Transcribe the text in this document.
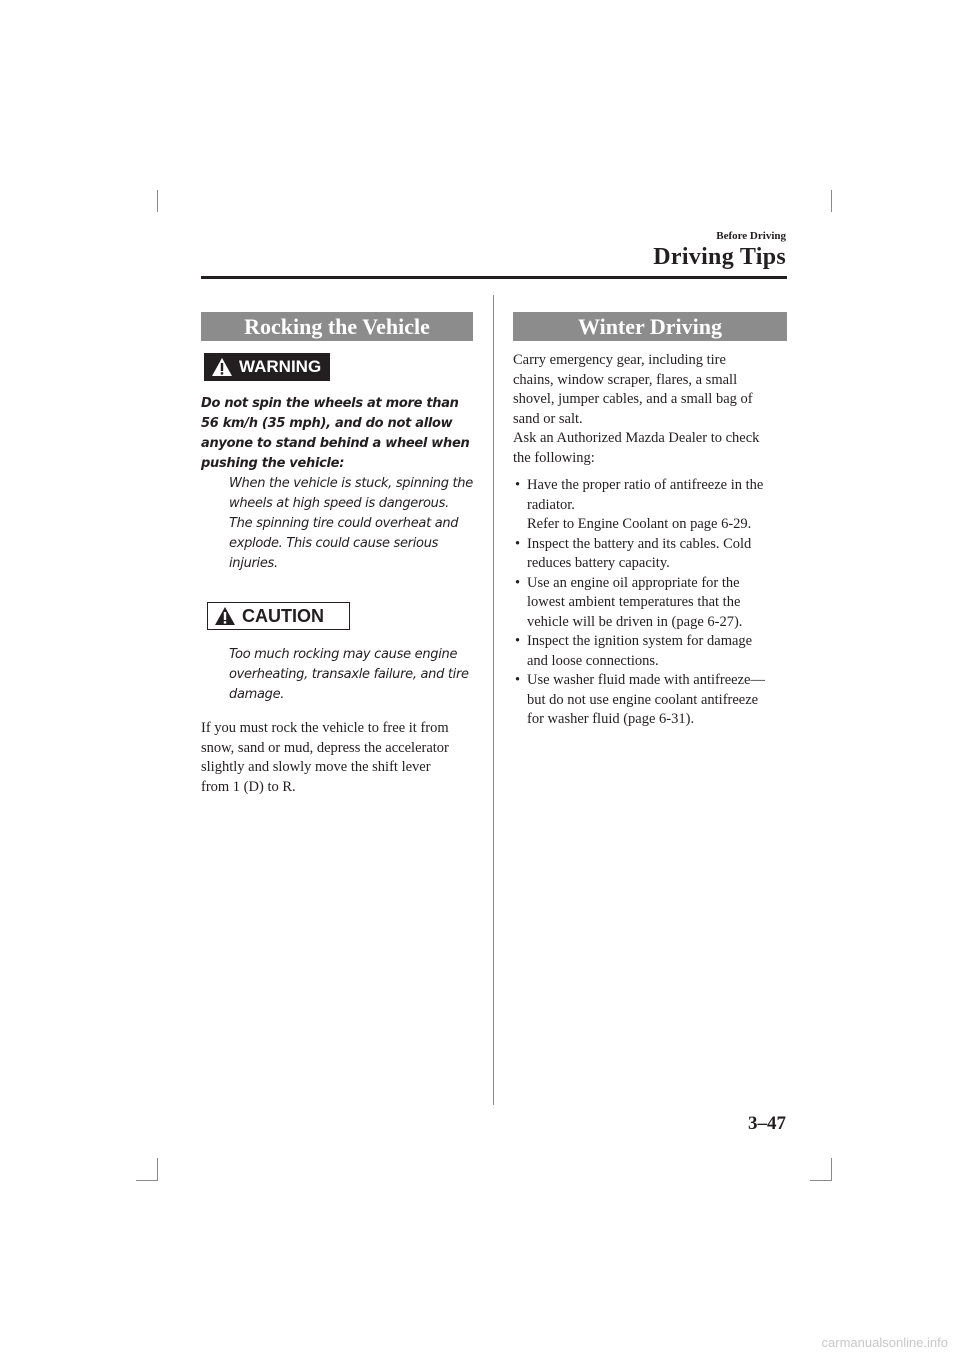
Before Driving
Driving Tips
Rocking the Vehicle
WARNING
Do not spin the wheels at more than
56 km/h (35 mph), and do not allow
anyone to stand behind a wheel when
pushing the vehicle:
When the vehicle is stuck, spinning the
wheels at high speed is dangerous.
The spinning tire could overheat and
explode. This could cause serious
injuries.
CAUTION
Too much rocking may cause engine
overheating, transaxle failure, and tire
damage.
If you must rock the vehicle to free it from
snow, sand or mud, depress the accelerator
slightly and slowly move the shift lever
from 1 (D) to R.
Winter Driving
Carry emergency gear, including tire
chains, window scraper, flares, a small
shovel, jumper cables, and a small bag of
sand or salt.
Ask an Authorized Mazda Dealer to check
the following:
• Have the proper ratio of antifreeze in the
radiator.
Refer to Engine Coolant on page 6-29.
• Inspect the battery and its cables. Cold
reduces battery capacity.
• Use an engine oil appropriate for the
lowest ambient temperatures that the
vehicle will be driven in (page 6-27).
• Inspect the ignition system for damage
and loose connections.
• Use washer fluid made with antifreeze—
but do not use engine coolant antifreeze
for washer fluid (page 6-31).
3–47
carmanualsonline.info
